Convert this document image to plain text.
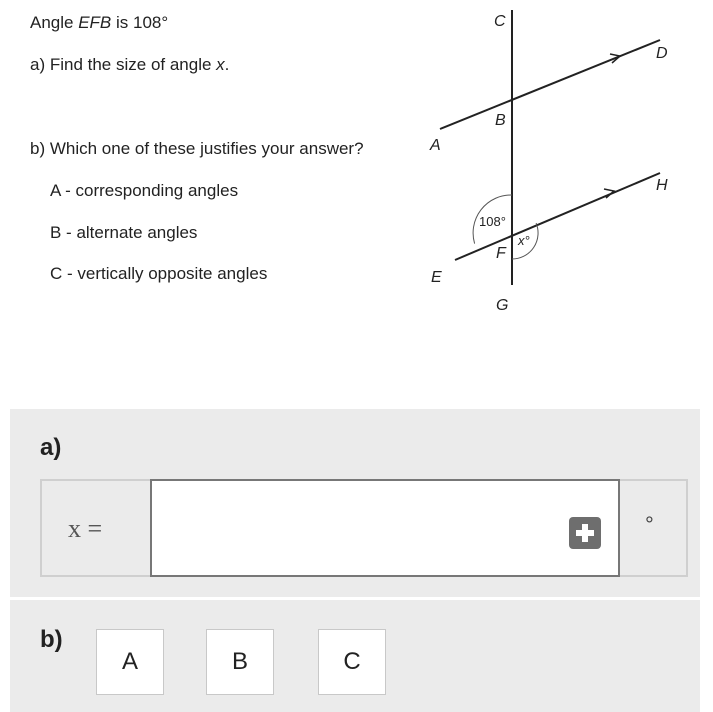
Angle EFB is 108°
a) Find the size of angle x.
b) Which one of these justifies your answer?
A - corresponding angles
B - alternate angles
C - vertically opposite angles
C
D
A
B
H
E
F
G
108°
x°
a)
x =	°
b)
A	B	C
